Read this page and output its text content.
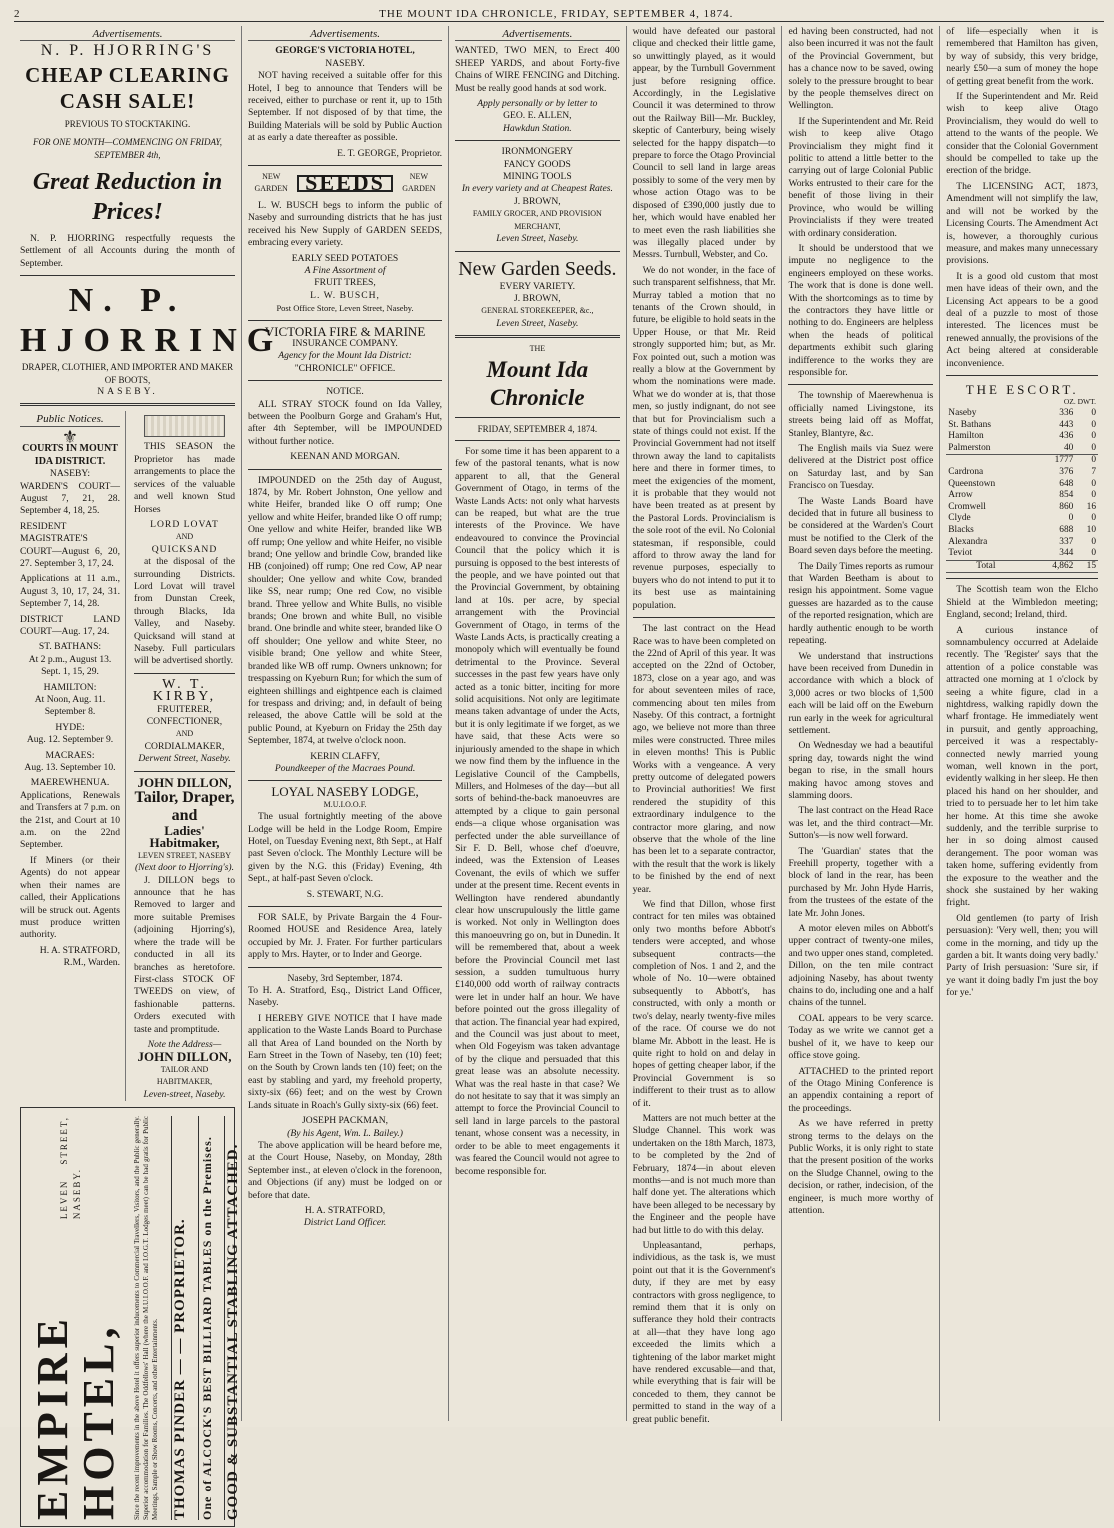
2	THE MOUNT IDA CHRONICLE, FRIDAY, SEPTEMBER 4, 1874.
Advertisements.
N. P. HJORRING'S
CHEAP CLEARING CASH SALE!
PREVIOUS TO STOCKTAKING.
FOR ONE MONTH—COMMENCING ON FRIDAY, SEPTEMBER 4th,
Great Reduction in Prices!

N. P. HJORRING respectfully requests the Settlement of all Accounts during the month of September.

N. P. HJORRING
DRAPER, CLOTHIER, AND IMPORTER AND MAKER OF BOOTS,
NASEBY.
Public Notices.
⚜
COURTS IN MOUNT IDA DISTRICT.
NASEBY:

WARDEN'S COURT—August 7, 21, 28. September 4, 18, 25.

RESIDENT MAGISTRATE'S COURT—August 6, 20, 27. September 3, 17, 24.

Applications at 11 a.m., August 3, 10, 17, 24, 31. September 7, 14, 28.

DISTRICT LAND COURT—Aug. 17, 24.

ST. BATHANS:

At 2 p.m., August 13. Sept. 1, 15, 29.

HAMILTON:

At Noon, Aug. 11. September 8.

HYDE:

Aug. 12. September 9.

MACRAES:

Aug. 13. September 10.

MAEREWHENUA.

Applications, Renewals and Transfers at 7 p.m. on the 21st, and Court at 10 a.m. on the 22nd September.

If Miners (or their Agents) do not appear when their names are called, their Applications will be struck out. Agents must produce written authority.

H. A. STRATFORD, R.M., Warden.

THIS SEASON the Proprietor has made arrangements to place the services of the valuable and well known Stud Horses

LORD LOVAT
AND
QUICKSAND

at the disposal of the surrounding Districts. Lord Lovat will travel from Dunstan Creek, through Blacks, Ida Valley, and Naseby. Quicksand will stand at Naseby. Full particulars will be advertised shortly.

W. T. KIRBY,
FRUITERER, CONFECTIONER,
AND
CORDIALMAKER,
Derwent Street, Naseby.
JOHN DILLON,
Tailor, Draper, and
Ladies' Habitmaker,
LEVEN STREET, NASEBY
(Next door to Hjorring's).

J. DILLON begs to announce that he has Removed to larger and more suitable Premises (adjoining Hjorring's), where the trade will be conducted in all its branches as heretofore. First-class STOCK OF TWEEDS on view, of fashionable patterns. Orders executed with taste and promptitude.

Note the Address—
JOHN DILLON,
TAILOR AND HABITMAKER,
Leven-street, Naseby.
EMPIRE HOTEL,
LEVEN STREET, NASEBY.	Since the recent improvements in the above Hotel it offers superior inducements to Commercial Travellers, Visitors, and the Public generally. Superior accommodation for Families. The Oddfellows' Hall (where the M.U.I.O.O.F. and I.O.G.T. Lodges meet) can be had gratis for Public Meetings, Sample or Show Rooms, Concerts, and other Entertainments. THOMAS PINDER — — PROPRIETOR. One of ALCOCK'S BEST BILLIARD TABLES on the Premises. GOOD & SUBSTANTIAL STABLING ATTACHED.
Advertisements.
GEORGE'S VICTORIA HOTEL,
NASEBY.

NOT having received a suitable offer for this Hotel, I beg to announce that Tenders will be received, either to purchase or rent it, up to 15th September. If not disposed of by that time, the Building Materials will be sold by Public Auction at as early a date thereafter as possible.

E. T. GEORGE, Proprietor.

NEW GARDEN SEEDS	NEW GARDEN

L. W. BUSCH begs to inform the public of Naseby and surrounding districts that he has just received his New Supply of GARDEN SEEDS, embracing every variety.

EARLY SEED POTATOES
A Fine Assortment of
FRUIT TREES,
L. W. BUSCH,
Post Office Store, Leven Street, Naseby.
VICTORIA FIRE & MARINE
INSURANCE COMPANY.
Agency for the Mount Ida District:
"CHRONICLE" OFFICE.
NOTICE.

ALL STRAY STOCK found on Ida Valley, between the Poolburn Gorge and Graham's Hut, after 4th September, will be IMPOUNDED without further notice.

KEENAN AND MORGAN.

IMPOUNDED on the 25th day of August, 1874, by Mr. Robert Johnston, One yellow and white Heifer, branded like O off rump; One yellow and white Heifer, branded like O off rump; One yellow and white Heifer, branded like WB off rump; One yellow and white Heifer, no visible brand; One yellow and brindle Cow, branded like HB (conjoined) off rump; One red Cow, AP near shoulder; One yellow and white Cow, branded like SS, near rump; One red Cow, no visible brand. Three yellow and White Bulls, no visible brands; One brown and white Bull, no visible brand. One brindle and white steer, branded like O off shoulder; One yellow and white Steer, no visible brand; One yellow and white Steer, branded like WB off rump. Owners unknown; for trespassing on Kyeburn Run; for which the sum of eighteen shillings and eightpence each is claimed for trespass and driving; and, in default of being released, the above Cattle will be sold at the public Pound, at Kyeburn on Friday the 25th day September, 1874, at twelve o'clock noon.

KERIN CLAFFY,
Poundkeeper of the Macraes Pound.
LOYAL NASEBY LODGE,
M.U.I.O.O.F.

The usual fortnightly meeting of the above Lodge will be held in the Lodge Room, Empire Hotel, on Tuesday Evening next, 8th Sept., at Half past Seven o'clock. The Monthly Lecture will be given by the N.G. this (Friday) Evening, 4th Sept., at half-past Seven o'clock.

S. STEWART, N.G.

FOR SALE, by Private Bargain the 4 Four-Roomed HOUSE and Residence Area, lately occupied by Mr. J. Frater. For further particulars apply to Mrs. Hayter, or to Inder and George.

Naseby, 3rd September, 1874.

To H. A. Stratford, Esq., District Land Officer, Naseby.

I HEREBY GIVE NOTICE that I have made application to the Waste Lands Board to Purchase all that Area of Land bounded on the North by Earn Street in the Town of Naseby, ten (10) feet; on the South by Crown lands ten (10) feet; on the east by stabling and yard, my freehold property, sixty-six (66) feet; and on the west by Crown Lands situate in Roach's Gully sixty-six (66) feet.

JOSEPH PACKMAN,
(By his Agent, Wm. L. Bailey.)

The above application will be heard before me, at the Court House, Naseby, on Monday, 28th September inst., at eleven o'clock in the forenoon, and Objections (if any) must be lodged on or before that date.

H. A. STRATFORD,
District Land Officer.
Advertisements.

WANTED, TWO MEN, to Erect 400 SHEEP YARDS, and about Forty-five Chains of WIRE FENCING and Ditching. Must be really good hands at sod work.

Apply personally or by letter to
GEO. E. ALLEN,
Hawkdun Station.
IRONMONGERY
FANCY GOODS
MINING TOOLS
In every variety and at Cheapest Rates.
J. BROWN,
FAMILY GROCER, AND PROVISION MERCHANT,
Leven Street, Naseby.
New Garden Seeds.
EVERY VARIETY.
J. BROWN,
GENERAL STOREKEEPER, &c.,
Leven Street, Naseby.
THE
Mount Ida Chronicle
FRIDAY, SEPTEMBER 4, 1874.

For some time it has been apparent to a few of the pastoral tenants, what is now apparent to all, that the General Government of Otago, in terms of the Waste Lands Acts: not only what harvests can be reaped, but what are the true interests of the Province. We have endeavoured to convince the Provincial Council that the policy which it is pursuing is opposed to the best interests of the people, and we have pointed out that the Provincial Government, by obtaining land at 10s. per acre, by special arrangement with the Provincial Government of Otago, in terms of the Waste Lands Acts, is practically creating a monopoly which will eventually be found detrimental to the Province. Several successes in the past few years have only acted as a tonic bitter, inciting for more solid acquisitions. Not only are legitimate means taken advantage of under the Acts, but it is only legitimate if we forget, as we have said, that these Acts were so injuriously amended to the shape in which we now find them by the influence in the Legislative Council of the Campbells, Millers, and Holmeses of the day—but all sorts of behind-the-back manoeuvres are attempted by a clique to gain personal ends—a clique whose organisation was perfected under the able surveillance of Sir F. D. Bell, whose chef d'oeuvre, indeed, was the Extension of Leases Covenant, the evils of which we suffer under at the present time. Recent events in Wellington have rendered abundantly clear how unscrupulously the little game is worked. Not only in Wellington does this manoeuvring go on, but in Dunedin. It will be remembered that, about a week before the Provincial Council met last session, a sudden tumultuous hurry £140,000 odd worth of railway contracts were let in under half an hour. We have before pointed out the gross illegality of that action. The financial year had expired, and the Council was just about to meet, when Old Fogeyism was taken advantage of by the clique and persuaded that this great lease was an absolute necessity. What was the real haste in that case? We do not hesitate to say that it was simply an attempt to force the Provincial Council to sell land in large parcels to the pastoral tenant, whose consent was a necessity, in order to be able to meet engagements it was feared the Council would not agree to become responsible for.

would have defeated our pastoral clique and checked their little game, so unwittingly played, as it would appear, by the Turnbull Government just before resigning office. Accordingly, in the Legislative Council it was determined to throw out the Railway Bill—Mr. Buckley, skeptic of Canterbury, being wisely selected for the happy dispatch—to prepare to force the Otago Provincial Council to sell land in large areas possibly to some of the very men by whose action Otago was to be disposed of £390,000 justly due to her, which would have enabled her to meet even the rash liabilities she was illegally placed under by Messrs. Turnbull, Webster, and Co.

We do not wonder, in the face of such transparent selfishness, that Mr. Murray tabled a motion that no tenants of the Crown should, in future, be eligible to hold seats in the Upper House, or that Mr. Reid strongly supported him; but, as Mr. Fox pointed out, such a motion was really a blow at the Government by whom the nominations were made. What we do wonder at is, that those men, so justly indignant, do not see that but for Provincialism such a state of things could not exist. If the Provincial Government had not itself thrown away the land to capitalists here and there in former times, to meet the exigencies of the moment, it is probable that they would not have been treated as at present by the Pastoral Lords. Provincialism is the sole root of the evil. No Colonial statesman, if responsible, could afford to throw away the land for revenue purposes, especially to buyers who do not intend to put it to its best use as maintaining population.

The last contract on the Head Race was to have been completed on the 22nd of April of this year. It was accepted on the 22nd of October, 1873, close on a year ago, and was for about seventeen miles of race, commencing about ten miles from Naseby. Of this contract, a fortnight ago, we believe not more than three miles were constructed. Three miles in eleven months! This is Public Works with a vengeance. A very pretty outcome of delegated powers to Provincial authorities! We first rendered the stupidity of this extraordinary indulgence to the contractor more glaring, and now observe that the whole of the line has been let to a separate contractor, with the result that the work is likely to be finished by the end of next year.

We find that Dillon, whose first contract for ten miles was obtained only two months before Abbott's tenders were accepted, and whose subsequent contracts—the completion of Nos. 1 and 2, and the whole of No. 10—were obtained subsequently to Abbott's, has constructed, with only a month or two's delay, nearly twenty-five miles of the race. Of course we do not blame Mr. Abbott in the least. He is quite right to hold on and delay in hopes of getting cheaper labor, if the Provincial Government is so indifferent to their trust as to allow of it.

Matters are not much better at the Sludge Channel. This work was undertaken on the 18th March, 1873, to be completed by the 2nd of February, 1874—in about eleven months—and is not much more than half done yet. The alterations which have been alleged to be necessary by the Engineer and the people have had but little to do with this delay.

Unpleasantand, perhaps, individious, as the task is, we must point out that it is the Government's duty, if they are met by easy contractors with gross negligence, to remind them that it is only on sufferance they hold their contracts at all—that they have long ago exceeded the limits which a tightening of the labor market might have rendered excusable—and that, while everything that is fair will be conceded to them, they cannot be permitted to stand in the way of a great public benefit.

ed having been constructed, had not also been incurred it was not the fault of the Provincial Government, but has a chance now to be saved, owing solely to the pressure brought to bear by the people themselves direct on Wellington.

If the Superintendent and Mr. Reid wish to keep alive Otago Provincialism they might find it politic to attend a little better to the carrying out of large Colonial Public Works entrusted to their care for the benefit of those living in their Province, who would be willing Provincialists if they were treated with ordinary consideration.

It should be understood that we impute no negligence to the engineers employed on these works. The work that is done is done well. With the shortcomings as to time by the contractors they have little or nothing to do. Engineers are helpless when the heads of political departments exhibit such glaring indifference to the works they are responsible for.

The township of Maerewhenua is officially named Livingstone, its streets being laid off as Moffat, Stanley, Blantyre, &c.

The English mails via Suez were delivered at the District post office on Saturday last, and by San Francisco on Tuesday.

The Waste Lands Board have decided that in future all business to be considered at the Warden's Court must be notified to the Clerk of the Board seven days before the meeting.

The Daily Times reports as rumour that Warden Beetham is about to resign his appointment. Some vague guesses are hazarded as to the cause of the reported resignation, which are hardly authentic enough to be worth repeating.

We understand that instructions have been received from Dunedin in accordance with which a block of 3,000 acres or two blocks of 1,500 each will be laid off on the Eweburn run early in the week for agricultural settlement.

On Wednesday we had a beautiful spring day, towards night the wind began to rise, in the small hours making havoc among stoves and slamming doors.

The last contract on the Head Race was let, and the third contract—Mr. Sutton's—is now well forward.

The 'Guardian' states that the Freehill property, together with a block of land in the rear, has been purchased by Mr. John Hyde Harris, from the trustees of the estate of the late Mr. John Jones.

A motor eleven miles on Abbott's upper contract of twenty-one miles, and two upper ones stand, completed. Dillon, on the ten mile contract adjoining Naseby, has about twenty chains to do, including one and a half chains of the tunnel.

COAL appears to be very scarce. Today as we write we cannot get a bushel of it, we have to keep our office stove going.

ATTACHED to the printed report of the Otago Mining Conference is an appendix containing a report of the proceedings.

As we have referred in pretty strong terms to the delays on the Public Works, it is only right to state that the present position of the works on the Sludge Channel, owing to the decision, or rather, indecision, of the engineer, is much more worthy of attention.

of life—especially when it is remembered that Hamilton has given, by way of subsidy, this very bridge, nearly £50—a sum of money the hope of getting great benefit from the work.

If the Superintendent and Mr. Reid wish to keep alive Otago Provincialism, they would do well to attend to the wants of the people. We consider that the Colonial Government should be compelled to take up the erection of the bridge.

The LICENSING ACT, 1873, Amendment will not simplify the law, and will not be worked by the Licensing Courts. The Amendment Act is, however, a thoroughly curious measure, and makes many unnecessary provisions.

It is a good old custom that most men have ideas of their own, and the Licensing Act appears to be a good deal of a puzzle to most of those interested. The licences must be renewed annually, the provisions of the Act being altered at considerable inconvenience.

THE ESCORT.
	OZ. DWT.	
Naseby	336	0
St. Bathans	443	0
Hamilton	436	0
Palmerston	40	0
	1777	0
Cardrona	376	7
Queenstown	648	0
Arrow	854	0
Cromwell	860	16
Clyde	0	0
Blacks	688	10
Alexandra	337	0
Teviot	344	0
Total	4,862	15

The Scottish team won the Elcho Shield at the Wimbledon meeting; England, second; Ireland, third.

A curious instance of somnambulency occurred at Adelaide recently. The 'Register' says that the attention of a police constable was attracted one morning at 1 o'clock by seeing a white figure, clad in a nightdress, walking rapidly down the wharf frontage. He immediately went in pursuit, and gently approaching, perceived it was a respectably-connected newly married young woman, well known in the port, evidently walking in her sleep. He then placed his hand on her shoulder, and tried to to persuade her to let him take her home. At this time she awoke suddenly, and the terrible surprise to her in so doing almost caused derangement. The poor woman was taken home, suffering evidently from the exposure to the weather and the shock she sustained by her waking fright.

Old gentlemen (to party of Irish persuasion): 'Very well, then; you will come in the morning, and tidy up the garden a bit. It wants doing very badly.' Party of Irish persuasion: 'Sure sir, if ye want it doing badly I'm just the boy for ye.'
